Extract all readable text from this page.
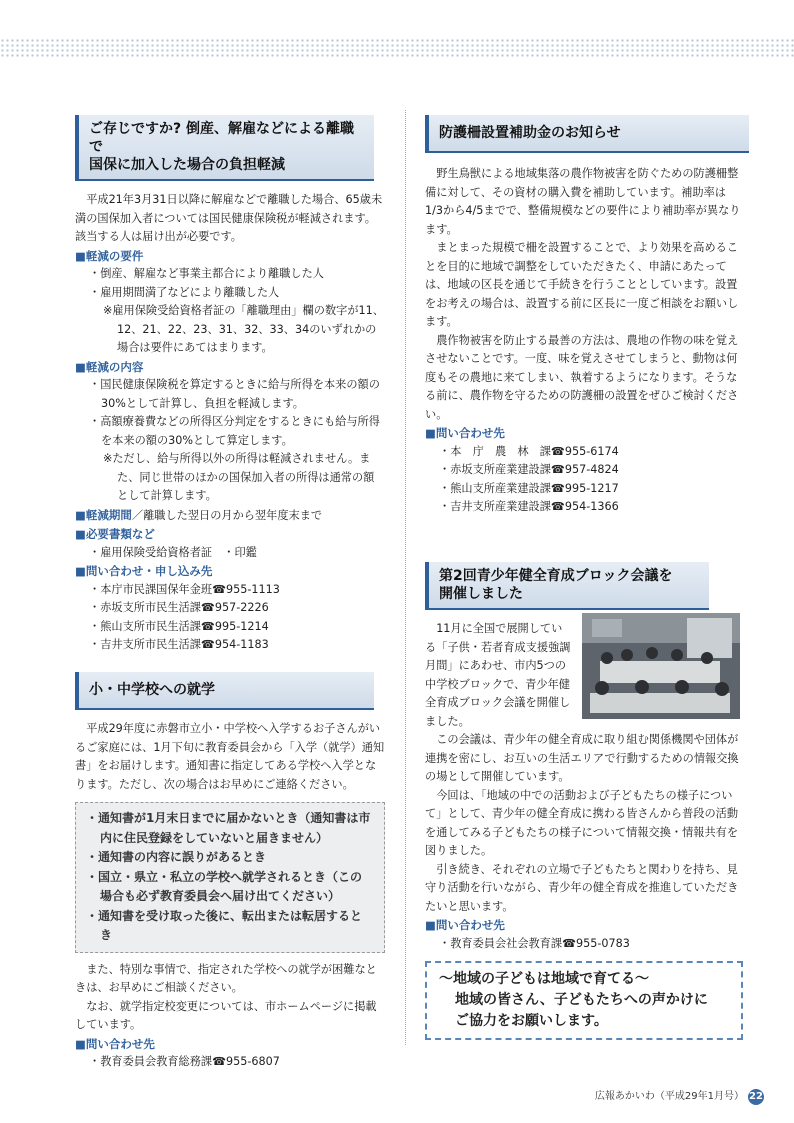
ご存じですか? 倒産、解雇などによる離職で
国保に加入した場合の負担軽減

平成21年3月31日以降に解雇などで離職した場合、65歳未満の国保加入者については国民健康保険税が軽減されます。該当する人は届け出が必要です。

■ 軽減の要件
・ 倒産、解雇など事業主都合により離職した人
・ 雇用期間満了などにより離職した人
※雇用保険受給資格者証の「離職理由」欄の数字が11、12、21、22、23、31、32、33、34のいずれかの場合は要件にあてはまります。
■ 軽減の内容
・ 国民健康保険税を算定するときに給与所得を本来の額の30%として計算し、負担を軽減します。
・ 高額療養費などの所得区分判定をするときにも給与所得を本来の額の30%として算定します。
※ただし、給与所得以外の所得は軽減されません。また、同じ世帯のほかの国保加入者の所得は通常の額として計算します。
■ 軽減期間／離職した翌日の月から翌年度末まで
■ 必要書類など
・ 雇用保険受給資格者証　・印鑑
■ 問い合わせ・申し込み先
・ 本庁市民課国保年金班☎955-1113
・ 赤坂支所市民生活課☎957-2226
・ 熊山支所市民生活課☎995-1214
・ 吉井支所市民生活課☎954-1183
小・中学校への就学

平成29年度に赤磐市立小・中学校へ入学するお子さんがいるご家庭には、1月下旬に教育委員会から「入学（就学）通知書」をお届けします。通知書に指定してある学校へ入学となります。ただし、次の場合はお早めにご連絡ください。

・ 通知書が1月末日までに届かないとき（通知書は市内に住民登録をしていないと届きません）
・ 通知書の内容に誤りがあるとき
・ 国立・県立・私立の学校へ就学されるとき（この場合も必ず教育委員会へ届け出てください）
・ 通知書を受け取った後に、転出または転居するとき

また、特別な事情で、指定された学校への就学が困難なときは、お早めにご相談ください。

なお、就学指定校変更については、市ホームページに掲載しています。

■ 問い合わせ先
・ 教育委員会教育総務課☎955-6807
防護柵設置補助金のお知らせ

野生鳥獣による地域集落の農作物被害を防ぐための防護柵整備に対して、その資材の購入費を補助しています。補助率は1/3から4/5までで、整備規模などの要件により補助率が異なります。

まとまった規模で柵を設置することで、より効果を高めることを目的に地域で調整をしていただきたく、申請にあたっては、地域の区長を通じて手続きを行うこととしています。設置をお考えの場合は、設置する前に区長に一度ご相談をお願いします。

農作物被害を防止する最善の方法は、農地の作物の味を覚えさせないことです。一度、味を覚えさせてしまうと、動物は何度もその農地に来てしまい、執着するようになります。そうなる前に、農作物を守るための防護柵の設置をぜひご検討ください。

■ 問い合わせ先
・ 本　庁　農　林　課☎955-6174
・ 赤坂支所産業建設課☎957-4824
・ 熊山支所産業建設課☎995-1217
・ 吉井支所産業建設課☎954-1366
第2回青少年健全育成ブロック会議を
開催しました

11月に全国で展開している「子供・若者育成支援強調月間」にあわせ、市内5つの中学校ブロックで、青少年健全育成ブロック会議を開催しました。

この会議は、青少年の健全育成に取り組む関係機関や団体が連携を密にし、お互いの生活エリアで行動するための情報交換の場として開催しています。

今回は、「地域の中での活動および子どもたちの様子について」として、青少年の健全育成に携わる皆さんから普段の活動を通してみる子どもたちの様子について情報交換・情報共有を図りました。

引き続き、それぞれの立場で子どもたちと関わりを持ち、見守り活動を行いながら、青少年の健全育成を推進していただきたいと思います。

■ 問い合わせ先
・ 教育委員会社会教育課☎955-0783
～地域の子どもは地域で育てる～
地域の皆さん、子どもたちへの声かけに
ご協力をお願いします。
広報あかいわ（平成29年1月号） 22
